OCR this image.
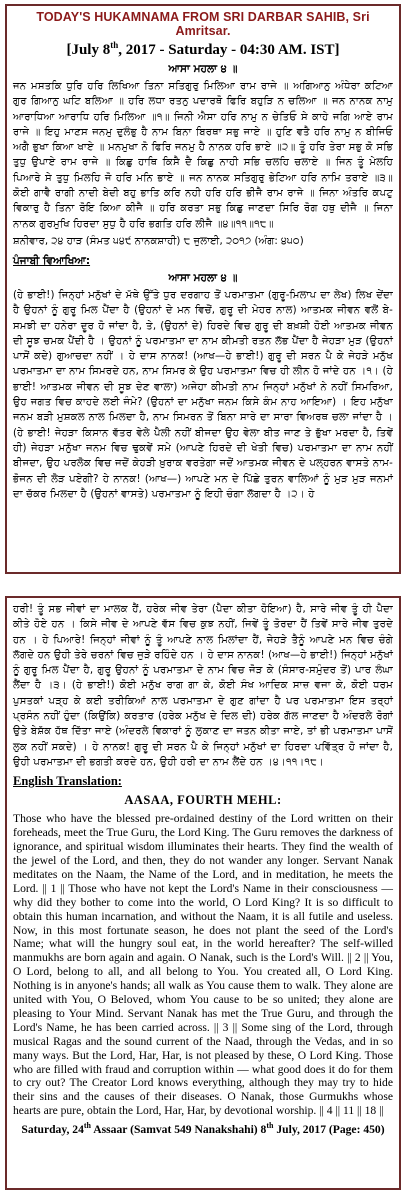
TODAY'S HUKAMNAMA FROM SRI DARBAR SAHIB, Sri Amritsar.
[July 8th, 2017 - Saturday - 04:30 AM. IST]
ਆਸਾ ਮਹਲਾ ੪ ॥
ਜਨ ਮਸਤਕਿ ਧੁਰਿ ਹਰਿ ਲਿਖਿਆ ਤਿਨਾ ਸਤਿਗੁਰੁ ਮਿਲਿਆ ਰਾਮ ਰਾਜੇ ॥ ਅਗਿਆਨੁ ਅੰਧੇਰਾ ਕਟਿਆ ਗੁਰ ਗਿਆਨੁ ਘਟਿ ਬਲਿਆ ॥ ਹਰਿ ਲਧਾ ਰਤਨੁ ਪਦਾਰਥੋ ਫਿਰਿ ਬਹੁੜਿ ਨ ਚਲਿਆ ॥ ਜਨ ਨਾਨਕ ਨਾਮੁ ਆਰਾਧਿਆ ਆਰਾਧਿ ਹਰਿ ਮਿਲਿਆ ॥੧॥ ਜਿਨੀ ਐਸਾ ਹਰਿ ਨਾਮੁ ਨ ਚੇਤਿਓ ਸੇ ਕਾਹੇ ਜਗਿ ਆਏ ਰਾਮ ਰਾਜੇ ॥ ਇਹੁ ਮਾਣਸ ਜਨਮੁ ਦੁਲੰਭੁ ਹੈ ਨਾਮ ਬਿਨਾ ਬਿਰਥਾ ਸਭੁ ਜਾਏ ॥ ਹੁਣਿ ਵਤੈ ਹਰਿ ਨਾਮੁ ਨ ਬੀਜਿਓ ਅਗੈ ਭੁਖਾ ਕਿਆ ਖਾਏ ॥ ਮਨਮੁਖਾ ਨੋ ਫਿਰਿ ਜਨਮੁ ਹੈ ਨਾਨਕ ਹਰਿ ਭਾਏ ॥੨॥ ਤੂੰ ਹਰਿ ਤੇਰਾ ਸਭੁ ਕੋ ਸਭਿ ਤੁਧੁ ਉਪਾਏ ਰਾਮ ਰਾਜੇ ॥ ਕਿਛੁ ਹਾਥਿ ਕਿਸੈ ਦੈ ਕਿਛੁ ਨਾਹੀ ਸਭਿ ਚਲਹਿ ਚਲਾਏ ॥ ਜਿਨ ਤੂੰ ਮੇਲਹਿ ਪਿਆਰੇ ਸੇ ਤੁਧੁ ਮਿਲਹਿ ਜੋ ਹਰਿ ਮਨਿ ਭਾਏ ॥ ਜਨ ਨਾਨਕ ਸਤਿਗੁਰੁ ਭੇਟਿਆ ਹਰਿ ਨਾਮਿ ਤਰਾਏ ॥੩॥ ਕੋਈ ਗਾਵੈ ਰਾਗੀ ਨਾਦੀ ਬੇਦੀ ਬਹੁ ਭਾਤਿ ਕਰਿ ਨਹੀ ਹਰਿ ਹਰਿ ਭੀਜੈ ਰਾਮ ਰਾਜੇ ॥ ਜਿਨਾ ਅੰਤਰਿ ਕਪਟੁ ਵਿਕਾਰੁ ਹੈ ਤਿਨਾ ਰੋਇ ਕਿਆ ਕੀਜੈ ॥ ਹਰਿ ਕਰਤਾ ਸਭੁ ਕਿਛੁ ਜਾਣਦਾ ਸਿਰਿ ਰੋਗ ਹਥੁ ਦੀਜੈ ॥ ਜਿਨਾ ਨਾਨਕ ਗੁਰਮੁਖਿ ਹਿਰਦਾ ਸੁਧੁ ਹੈ ਹਰਿ ਭਗਤਿ ਹਰਿ ਲੀਜੈ ॥੪॥੧੧॥੧੮॥
ਸ਼ਨੀਵਾਰ, ੨੪ ਹਾੜ (ਸੰਮਤ ੫੪੯ ਨਾਨਕਸ਼ਾਹੀ) ੮ ਜੁਲਾਈ, ੨੦੧੭ (ਅੰਗ: ੪੫੦)
ਪੰਜਾਬੀ ਵਿਆਖਿਆ:
ਆਸਾ ਮਹਲਾ ੪ ॥
(ਹੇ ਭਾਈ!) ਜਿਨ੍ਹਾਂ ਮਨੁੱਖਾਂ ਦੇ ਮੱਥੇ ਉੱਤੇ ਧੁਰ ਦਰਗਾਹ ਤੋਂ ਪਰਮਾਤਮਾ (ਗੁਰੂ-ਮਿਲਾਪ ਦਾ ਲੇਖ) ਲਿਖ ਦੇਂਦਾ ਹੈ ਉਹਨਾਂ ਨੂੰ ਗੁਰੂ ਮਿਲ ਪੈਂਦਾ ਹੈ (ਉਹਨਾਂ ਦੇ ਮਨ ਵਿਚੋਂ, ਗੁਰੂ ਦੀ ਮੇਹਰ ਨਾਲ) ਆਤਮਕ ਜੀਵਨ ਵਲੋਂ ਬੇ-ਸਮਝੀ ਦਾ ਹਨੇਰਾ ਦੂਰ ਹੋ ਜਾਂਦਾ ਹੈ, ਤੇ, (ਉਹਨਾਂ ਦੇ) ਹਿਰਦੇ ਵਿਚ ਗੁਰੂ ਦੀ ਬਖ਼ਸ਼ੀ ਹੋਈ ਆਤਮਕ ਜੀਵਨ ਦੀ ਸੂਝ ਚਮਕ ਪੈਂਦੀ ਹੈ । ਉਹਨਾਂ ਨੂੰ ਪਰਮਾਤਮਾ ਦਾ ਨਾਮ ਕੀਮਤੀ ਰਤਨ ਲੱਭ ਪੈਂਦਾ ਹੈ ਜੇਹੜਾ ਮੁੜ (ਉਹਨਾਂ ਪਾਸੋਂ ਕਦੇ) ਗੁਆਚਦਾ ਨਹੀਂ । ਹੇ ਦਾਸ ਨਾਨਕ! (ਆਖ—ਹੇ ਭਾਈ!) ਗੁਰੂ ਦੀ ਸਰਨ ਪੈ ਕੇ ਜੇਹੜੇ ਮਨੁੱਖ ਪਰਮਾਤਮਾ ਦਾ ਨਾਮ ਸਿਮਰਦੇ ਹਨ, ਨਾਮ ਸਿਮਰ ਕੇ ਉਹ ਪਰਮਾਤਮਾ ਵਿਚ ਹੀ ਲੀਨ ਹੋ ਜਾਂਦੇ ਹਨ ।੧। (ਹੇ ਭਾਈ! ਆਤਮਕ ਜੀਵਨ ਦੀ ਸੂਝ ਦੇਣ ਵਾਲਾ) ਅਜੇਹਾ ਕੀਮਤੀ ਨਾਮ ਜਿਨ੍ਹਾਂ ਮਨੁੱਖਾਂ ਨੇ ਨਹੀਂ ਸਿਮਰਿਆ, ਉਹ ਜਗਤ ਵਿਚ ਕਾਹਦੇ ਲਈ ਜੰਮੇ? (ਉਹਨਾਂ ਦਾ ਮਨੁੱਖਾ ਜਨਮ ਕਿਸੇ ਕੰਮ ਨਾਹ ਆਇਆ) । ਇਹ ਮਨੁੱਖਾ ਜਨਮ ਬੜੀ ਮੁਸ਼ਕਲ ਨਾਲ ਮਿਲਦਾ ਹੈ, ਨਾਮ ਸਿਮਰਨ ਤੋਂ ਬਿਨਾ ਸਾਰੇ ਦਾ ਸਾਰਾ ਵਿਅਰਥ ਚਲਾ ਜਾਂਦਾ ਹੈ । (ਹੇ ਭਾਈ! ਜੇਹੜਾ ਕਿਸਾਨ ਵੱਤਰ ਵੇਲੇ ਪੈਲੀ ਨਹੀਂ ਬੀਜਦਾ ਉਹ ਵੇਲਾ ਬੀਤ ਜਾਣ ਤੇ ਭੁੱਖਾ ਮਰਦਾ ਹੈ, ਤਿਵੇਂ ਹੀ) ਜੇਹੜਾ ਮਨੁੱਖਾ ਜਨਮ ਵਿਚ ਢੁਕਵੇਂ ਸਮੇ (ਆਪਣੇ ਹਿਰਦੇ ਦੀ ਖੇਤੀ ਵਿਚ) ਪਰਮਾਤਮਾ ਦਾ ਨਾਮ ਨਹੀਂ ਬੀਜਦਾ, ਉਹ ਪਰਲੋਕ ਵਿਚ ਜਦੋਂ ਕੇਹੜੀ ਖ਼ੁਰਾਕ ਵਰਤੇਗਾ ਜਦੋਂ ਆਤਮਕ ਜੀਵਨ ਦੇ ਪਲ੍ਹਰਨ ਵਾਸਤੇ ਨਾਮ-ਭੋਜਨ ਦੀ ਲੋੜ ਪਏਗੀ? ਹੇ ਨਾਨਕ! (ਆਖ—) ਆਪਣੇ ਮਨ ਦੇ ਪਿੱਛੇ ਤੁਰਨ ਵਾਲਿਆਂ ਨੂੰ ਮੁੜ ਮੁੜ ਜਨਮਾਂ ਦਾ ਚੱਕਰ ਮਿਲਦਾ ਹੈ (ਉਹਨਾਂ ਵਾਸਤੇ) ਪਰਮਾਤਮਾ ਨੂੰ ਇਹੀ ਚੰਗਾ ਲੱਗਦਾ ਹੈ ।੨। ਹੇ
ਹਰੀ! ਤੂੰ ਸਭ ਜੀਵਾਂ ਦਾ ਮਾਲਕ ਹੈਂ, ਹਰੇਕ ਜੀਵ ਤੇਰਾ (ਪੈਦਾ ਕੀਤਾ ਹੋਇਆ) ਹੈ, ਸਾਰੇ ਜੀਵ ਤੂੰ ਹੀ ਪੈਦਾ ਕੀਤੇ ਹੋਏ ਹਨ । ਕਿਸੇ ਜੀਵ ਦੇ ਆਪਣੇ ਵੱਸ ਵਿਚ ਕੁਝ ਨਹੀਂ, ਜਿਵੇਂ ਤੂੰ ਤੋਰਦਾ ਹੈਂ ਤਿਵੇਂ ਸਾਰੇ ਜੀਵ ਤੁਰਦੇ ਹਨ । ਹੇ ਪਿਆਰੇ! ਜਿਨ੍ਹਾਂ ਜੀਵਾਂ ਨੂੰ ਤੂੰ ਆਪਣੇ ਨਾਲ ਮਿਲਾਂਦਾ ਹੈਂ, ਜੇਹੜੇ ਤੈਨੂੰ ਆਪਣੇ ਮਨ ਵਿਚ ਚੰਗੇ ਲੱਗਦੇ ਹਨ ਉਹੀ ਤੇਰੇ ਚਰਨਾਂ ਵਿਚ ਜੁੜੇ ਰਹਿੰਦੇ ਹਨ । ਹੇ ਦਾਸ ਨਾਨਕ! (ਆਖ—ਹੇ ਭਾਈ!) ਜਿਨ੍ਹਾਂ ਮਨੁੱਖਾਂ ਨੂੰ ਗੁਰੂ ਮਿਲ ਪੈਂਦਾ ਹੈ, ਗੁਰੂ ਉਹਨਾਂ ਨੂੰ ਪਰਮਾਤਮਾ ਦੇ ਨਾਮ ਵਿਚ ਜੋੜ ਕੇ (ਸੰਸਾਰ-ਸਮੁੰਦਰ ਤੋਂ) ਪਾਰ ਲੰਘਾ ਲੈਂਦਾ ਹੈ ।੩। (ਹੇ ਭਾਈ!) ਕੋਈ ਮਨੁੱਖ ਰਾਗ ਗਾ ਕੇ, ਕੋਈ ਸੰਖ ਆਦਿਕ ਸਾਜ਼ ਵਜਾ ਕੇ, ਕੋਈ ਧਰਮ ਪੁਸਤਕਾਂ ਪੜ੍ਹ ਕੇ ਕਈ ਤਰੀਕਿਆਂ ਨਾਲ ਪਰਮਾਤਮਾ ਦੇ ਗੁਣ ਗਾਂਦਾ ਹੈ ਪਰ ਪਰਮਾਤਮਾ ਇਸ ਤਰ੍ਹਾਂ ਪ੍ਰਸੰਨ ਨਹੀਂ ਹੁੰਦਾ (ਕਿਉਂਕਿ) ਕਰਤਾਰ (ਹਰੇਕ ਮਨੁੱਖ ਦੇ ਦਿਲ ਦੀ) ਹਰੇਕ ਗੱਲ ਜਾਣਦਾ ਹੈ ਅੰਦਰਲੇ ਰੋਗਾਂ ਉਤੇ ਬੇਸ਼ੱਕ ਹੱਥ ਦਿੱਤਾ ਜਾਏ (ਅੰਦਰਲੇ ਵਿਕਾਰਾਂ ਨੂੰ ਲੁਕਾਣ ਦਾ ਜਤਨ ਕੀਤਾ ਜਾਏ, ਤਾਂ ਭੀ ਪਰਮਾਤਮਾ ਪਾਸੋਂ ਲੁਕ ਨਹੀਂ ਸਕਦੇ) । ਹੇ ਨਾਨਕ! ਗੁਰੂ ਦੀ ਸਰਨ ਪੈ ਕੇ ਜਿਨ੍ਹਾਂ ਮਨੁੱਖਾਂ ਦਾ ਹਿਰਦਾ ਪਵਿੱਤ੍ਰ ਹੋ ਜਾਂਦਾ ਹੈ, ਉਹੀ ਪਰਮਾਤਮਾ ਦੀ ਭਗਤੀ ਕਰਦੇ ਹਨ, ਉਹੀ ਹਰੀ ਦਾ ਨਾਮ ਲੈਂਦੇ ਹਨ ।੪।੧੧।੧੮।
English Translation:
AASAA, FOURTH MEHL:
Those who have the blessed pre-ordained destiny of the Lord written on their foreheads, meet the True Guru, the Lord King. The Guru removes the darkness of ignorance, and spiritual wisdom illuminates their hearts. They find the wealth of the jewel of the Lord, and then, they do not wander any longer. Servant Nanak meditates on the Naam, the Name of the Lord, and in meditation, he meets the Lord. || 1 || Those who have not kept the Lord's Name in their consciousness — why did they bother to come into the world, O Lord King? It is so difficult to obtain this human incarnation, and without the Naam, it is all futile and useless. Now, in this most fortunate season, he does not plant the seed of the Lord's Name; what will the hungry soul eat, in the world hereafter? The self-willed manmukhs are born again and again. O Nanak, such is the Lord's Will. || 2 || You, O Lord, belong to all, and all belong to You. You created all, O Lord King. Nothing is in anyone's hands; all walk as You cause them to walk. They alone are united with You, O Beloved, whom You cause to be so united; they alone are pleasing to Your Mind. Servant Nanak has met the True Guru, and through the Lord's Name, he has been carried across. || 3 || Some sing of the Lord, through musical Ragas and the sound current of the Naad, through the Vedas, and in so many ways. But the Lord, Har, Har, is not pleased by these, O Lord King. Those who are filled with fraud and corruption within — what good does it do for them to cry out? The Creator Lord knows everything, although they may try to hide their sins and the causes of their diseases. O Nanak, those Gurmukhs whose hearts are pure, obtain the Lord, Har, Har, by devotional worship. || 4 || 11 || 18 ||
Saturday, 24th Assaar (Samvat 549 Nanakshahi) 8th July, 2017 (Page: 450)
